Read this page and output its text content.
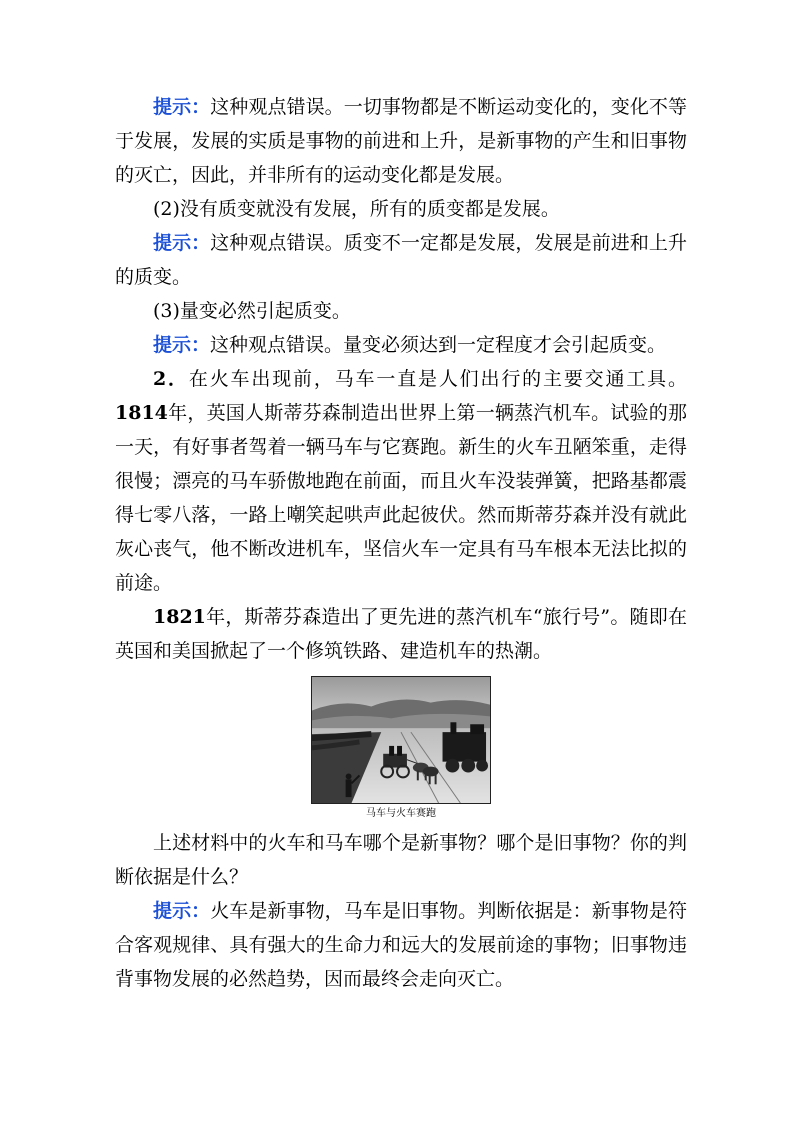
提示：这种观点错误。一切事物都是不断运动变化的，变化不等于发展，发展的实质是事物的前进和上升，是新事物的产生和旧事物的灭亡，因此，并非所有的运动变化都是发展。

(2)没有质变就没有发展，所有的质变都是发展。

提示：这种观点错误。质变不一定都是发展，发展是前进和上升的质变。

(3)量变必然引起质变。

提示：这种观点错误。量变必须达到一定程度才会引起质变。

2．在火车出现前，马车一直是人们出行的主要交通工具。1814年，英国人斯蒂芬森制造出世界上第一辆蒸汽机车。试验的那一天，有好事者驾着一辆马车与它赛跑。新生的火车丑陋笨重，走得很慢；漂亮的马车骄傲地跑在前面，而且火车没装弹簧，把路基都震得七零八落，一路上嘲笑起哄声此起彼伏。然而斯蒂芬森并没有就此灰心丧气，他不断改进机车，坚信火车一定具有马车根本无法比拟的前途。

1821年，斯蒂芬森造出了更先进的蒸汽机车“旅行号”。随即在英国和美国掀起了一个修筑铁路、建造机车的热潮。

马车与火车赛跑

上述材料中的火车和马车哪个是新事物？哪个是旧事物？你的判断依据是什么？

提示：火车是新事物，马车是旧事物。判断依据是：新事物是符合客观规律、具有强大的生命力和远大的发展前途的事物；旧事物违背事物发展的必然趋势，因而最终会走向灭亡。
